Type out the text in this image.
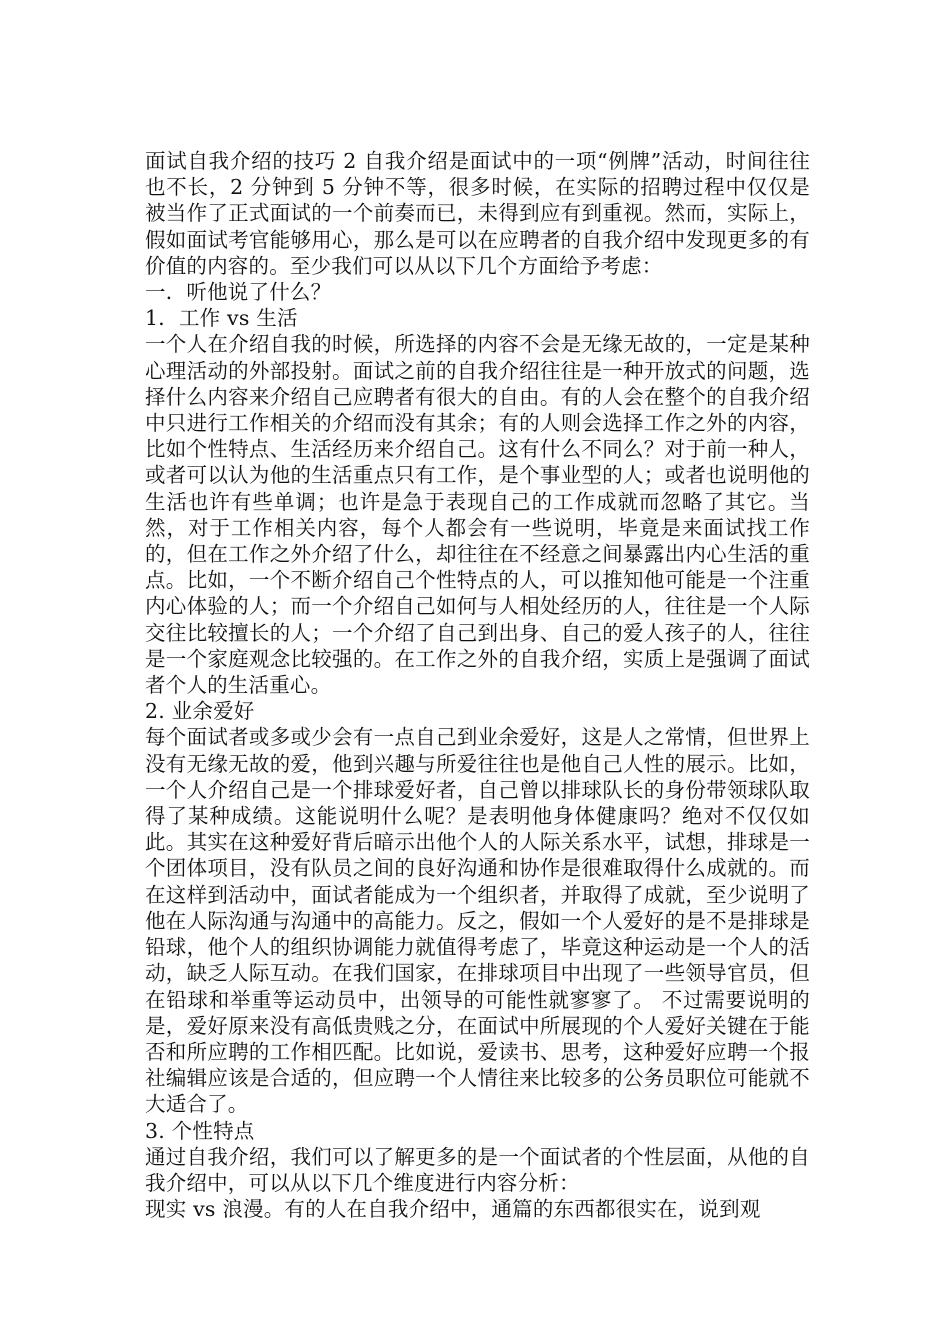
面试自我介绍的技巧 2 自我介绍是面试中的一项“例牌”活动，时间往往也不长，2 分钟到 5 分钟不等，很多时候，在实际的招聘过程中仅仅是被当作了正式面试的一个前奏而已，未得到应有到重视。然而，实际上，假如面试考官能够用心，那么是可以在应聘者的自我介绍中发现更多的有价值的内容的。至少我们可以从以下几个方面给予考虑：

一．听他说了什么？

1．工作 vs 生活

一个人在介绍自我的时候，所选择的内容不会是无缘无故的，一定是某种心理活动的外部投射。面试之前的自我介绍往往是一种开放式的问题，选择什么内容来介绍自己应聘者有很大的自由。有的人会在整个的自我介绍中只进行工作相关的介绍而没有其余；有的人则会选择工作之外的内容，比如个性特点、生活经历来介绍自己。这有什么不同么？对于前一种人，或者可以认为他的生活重点只有工作，是个事业型的人；或者也说明他的生活也许有些单调；也许是急于表现自己的工作成就而忽略了其它。当然，对于工作相关内容，每个人都会有一些说明，毕竟是来面试找工作的，但在工作之外介绍了什么，却往往在不经意之间暴露出内心生活的重点。比如，一个不断介绍自己个性特点的人，可以推知他可能是一个注重内心体验的人；而一个介绍自己如何与人相处经历的人，往往是一个人际交往比较擅长的人；一个介绍了自己到出身、自己的爱人孩子的人，往往是一个家庭观念比较强的。在工作之外的自我介绍，实质上是强调了面试者个人的生活重心。

2. 业余爱好

每个面试者或多或少会有一点自己到业余爱好，这是人之常情，但世界上没有无缘无故的爱，他到兴趣与所爱往往也是他自己人性的展示。比如，一个人介绍自己是一个排球爱好者，自己曾以排球队长的身份带领球队取得了某种成绩。这能说明什么呢？是表明他身体健康吗？绝对不仅仅如此。其实在这种爱好背后暗示出他个人的人际关系水平，试想，排球是一个团体项目，没有队员之间的良好沟通和协作是很难取得什么成就的。而在这样到活动中，面试者能成为一个组织者，并取得了成就，至少说明了他在人际沟通与沟通中的高能力。反之，假如一个人爱好的是不是排球是铅球，他个人的组织协调能力就值得考虑了，毕竟这种运动是一个人的活动，缺乏人际互动。在我们国家，在排球项目中出现了一些领导官员，但在铅球和举重等运动员中，出领导的可能性就寥寥了。 不过需要说明的是，爱好原来没有高低贵贱之分，在面试中所展现的个人爱好关键在于能否和所应聘的工作相匹配。比如说，爱读书、思考，这种爱好应聘一个报社编辑应该是合适的，但应聘一个人情往来比较多的公务员职位可能就不大适合了。

3. 个性特点

通过自我介绍，我们可以了解更多的是一个面试者的个性层面，从他的自我介绍中，可以从以下几个维度进行内容分析：

现实 vs 浪漫。有的人在自我介绍中，通篇的东西都很实在，说到观
